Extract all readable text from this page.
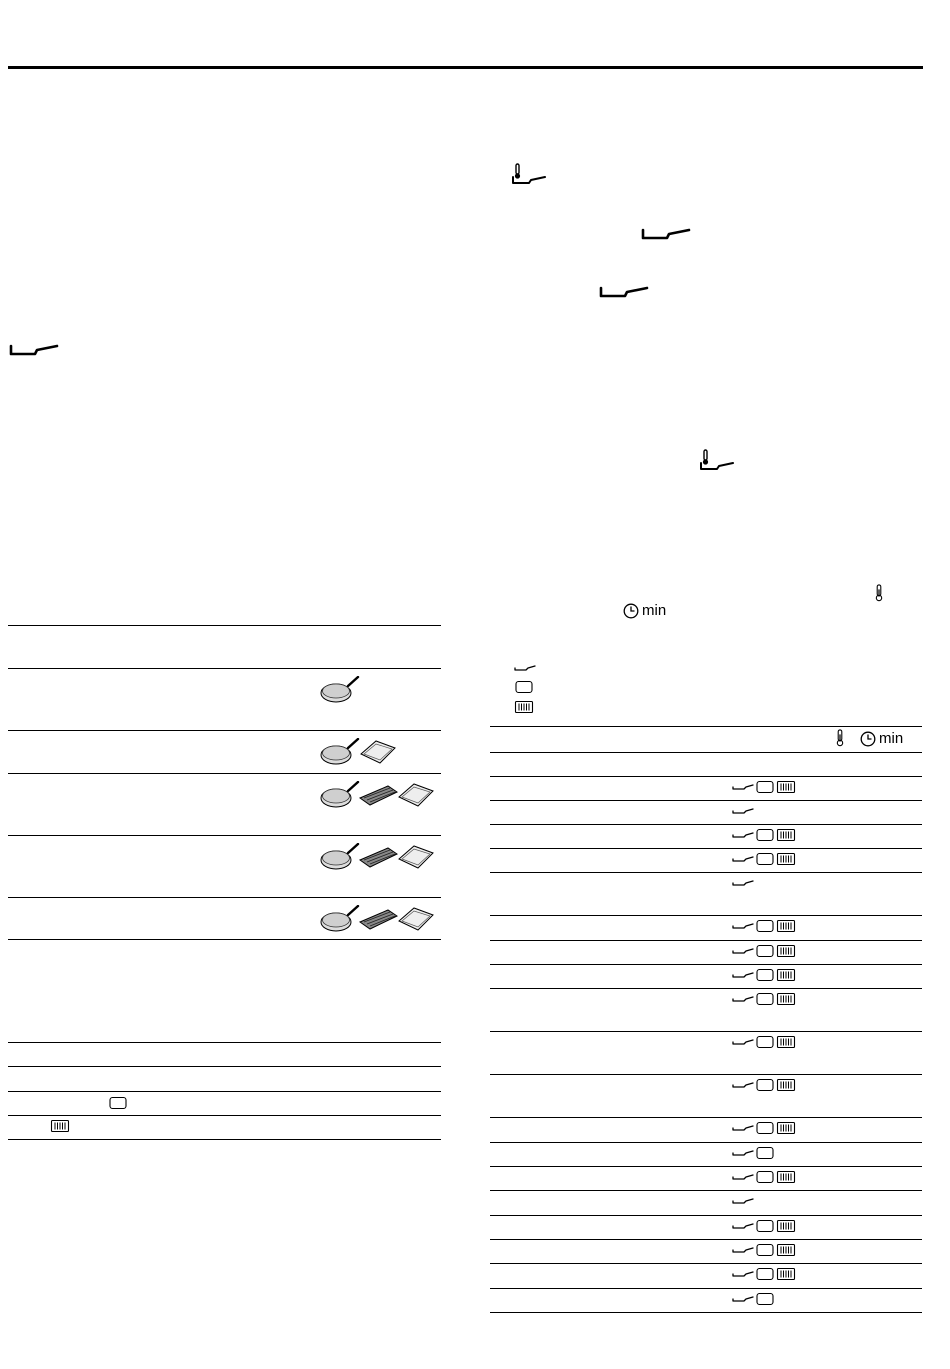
min
min
